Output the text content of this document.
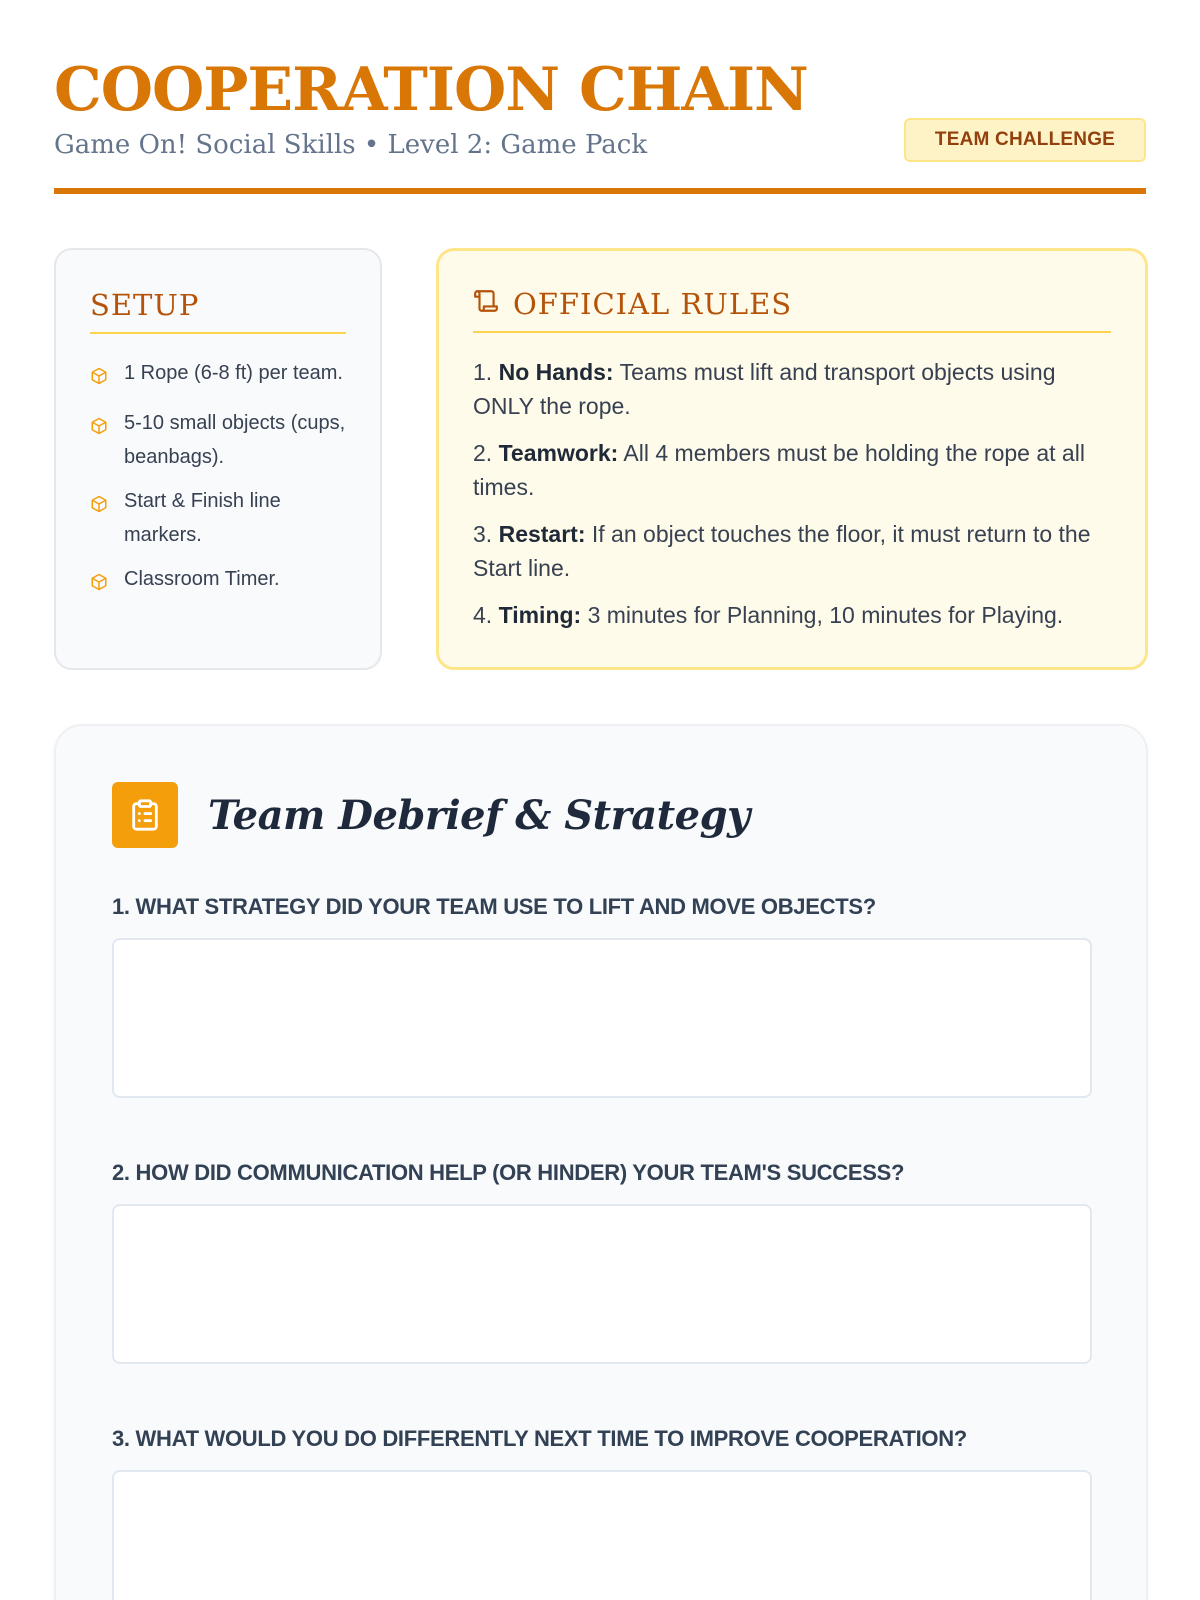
COOPERATION CHAIN
Game On! Social Skills • Level 2: Game Pack	TEAM CHALLENGE
SETUP
1 Rope (6-8 ft) per team.
5-10 small objects (cups, beanbags).
Start & Finish line markers.
Classroom Timer.
OFFICIAL RULES
1. No Hands: Teams must lift and transport objects using ONLY the rope.
2. Teamwork: All 4 members must be holding the rope at all times.
3. Restart: If an object touches the floor, it must return to the Start line.
4. Timing: 3 minutes for Planning, 10 minutes for Playing.
Team Debrief & Strategy
1. WHAT STRATEGY DID YOUR TEAM USE TO LIFT AND MOVE OBJECTS?
2. HOW DID COMMUNICATION HELP (OR HINDER) YOUR TEAM'S SUCCESS?
3. WHAT WOULD YOU DO DIFFERENTLY NEXT TIME TO IMPROVE COOPERATION?
